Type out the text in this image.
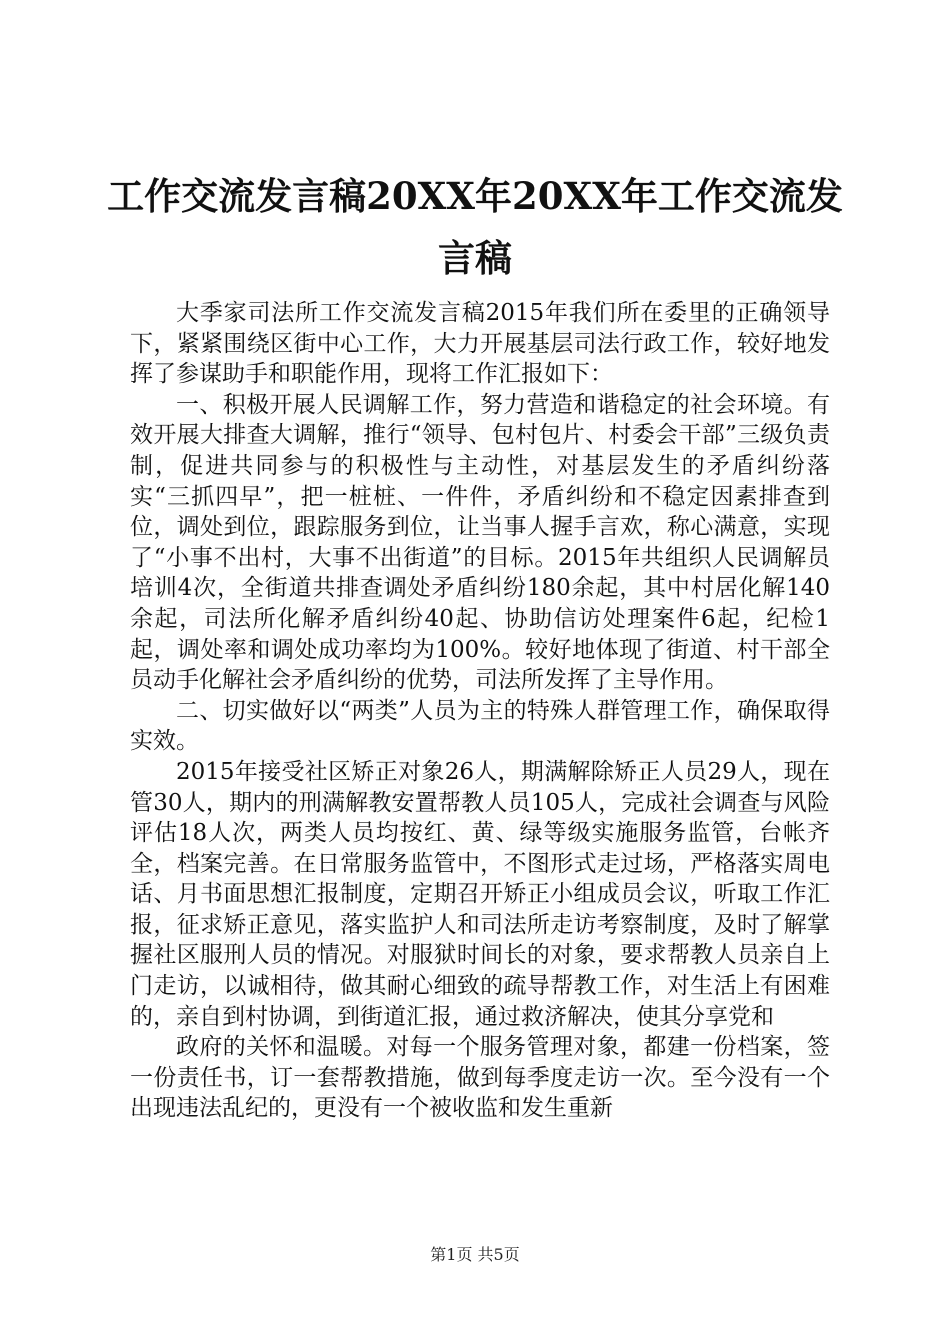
工作交流发言稿20XX年20XX年工作交流发言稿

大季家司法所工作交流发言稿2015年我们所在委里的正确领导下，紧紧围绕区街中心工作，大力开展基层司法行政工作，较好地发挥了参谋助手和职能作用，现将工作汇报如下：

一、积极开展人民调解工作，努力营造和谐稳定的社会环境。有效开展大排查大调解，推行“领导、包村包片、村委会干部”三级负责制，促进共同参与的积极性与主动性，对基层发生的矛盾纠纷落实“三抓四早”，把一桩桩、一件件，矛盾纠纷和不稳定因素排查到位，调处到位，跟踪服务到位，让当事人握手言欢，称心满意，实现了“小事不出村，大事不出街道”的目标。2015年共组织人民调解员培训4次，全街道共排查调处矛盾纠纷180余起，其中村居化解140余起，司法所化解矛盾纠纷40起、协助信访处理案件6起，纪检1起，调处率和调处成功率均为100%。较好地体现了街道、村干部全员动手化解社会矛盾纠纷的优势，司法所发挥了主导作用。

二、切实做好以“两类”人员为主的特殊人群管理工作，确保取得实效。

2015年接受社区矫正对象26人，期满解除矫正人员29人，现在管30人，期内的刑满解教安置帮教人员105人，完成社会调查与风险评估18人次，两类人员均按红、黄、绿等级实施服务监管，台帐齐全，档案完善。在日常服务监管中，不图形式走过场，严格落实周电话、月书面思想汇报制度，定期召开矫正小组成员会议，听取工作汇报，征求矫正意见，落实监护人和司法所走访考察制度，及时了解掌握社区服刑人员的情况。对服狱时间长的对象，要求帮教人员亲自上门走访，以诚相待，做其耐心细致的疏导帮教工作，对生活上有困难的，亲自到村协调，到街道汇报，通过救济解决，使其分享党和

政府的关怀和温暖。对每一个服务管理对象，都建一份档案，签一份责任书，订一套帮教措施，做到每季度走访一次。至今没有一个出现违法乱纪的，更没有一个被收监和发生重新

第1页 共5页
